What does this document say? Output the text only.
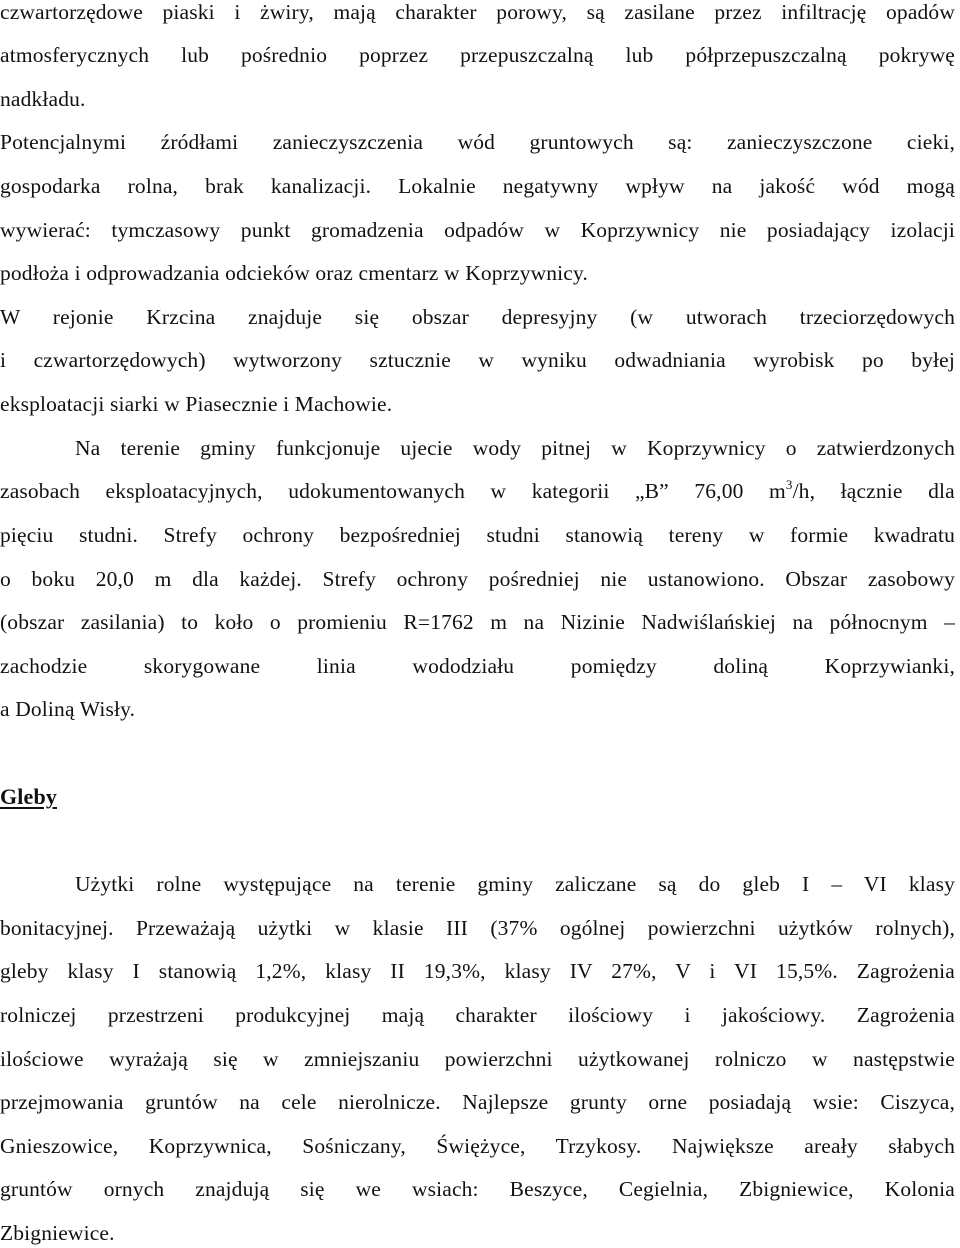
czwartorzędowe piaski i żwiry, mają charakter porowy, są zasilane przez infiltrację opadów
atmosferycznych lub pośrednio poprzez przepuszczalną lub półprzepuszczalną pokrywę
nadkładu.
Potencjalnymi źródłami zanieczyszczenia wód gruntowych są: zanieczyszczone cieki,
gospodarka rolna, brak kanalizacji. Lokalnie negatywny wpływ na jakość wód mogą
wywierać: tymczasowy punkt gromadzenia odpadów w Koprzywnicy nie posiadający izolacji
podłoża i odprowadzania odcieków oraz cmentarz w Koprzywnicy.
W rejonie Krzcina znajduje się obszar depresyjny (w utworach trzeciorzędowych
i czwartorzędowych) wytworzony sztucznie w wyniku odwadniania wyrobisk po byłej
eksploatacji siarki w Piasecznie i Machowie.
Na terenie gminy funkcjonuje ujecie wody pitnej w Koprzywnicy o zatwierdzonych
zasobach eksploatacyjnych, udokumentowanych w kategorii „B” 76,00 $m^3/h$, łącznie dla
pięciu studni. Strefy ochrony bezpośredniej studni stanowią tereny w formie kwadratu
o boku 20,0 m dla każdej. Strefy ochrony pośredniej nie ustanowiono. Obszar zasobowy
(obszar zasilania) to koło o promieniu R=1762 m na Nizinie Nadwiślańskiej na północnym –
zachodzie skorygowane linia wododziału pomiędzy doliną Koprzywianki,
a Doliną Wisły.
Gleby
Użytki rolne występujące na terenie gminy zaliczane są do gleb I – VI klasy
bonitacyjnej. Przeważają użytki w klasie III (37% ogólnej powierzchni użytków rolnych),
gleby klasy I stanowią 1,2%, klasy II 19,3%, klasy IV 27%, V i VI 15,5%. Zagrożenia
rolniczej przestrzeni produkcyjnej mają charakter ilościowy i jakościowy. Zagrożenia
ilościowe wyrażają się w zmniejszaniu powierzchni użytkowanej rolniczo w następstwie
przejmowania gruntów na cele nierolnicze. Najlepsze grunty orne posiadają wsie: Ciszyca,
Gnieszowice, Koprzywnica, Sośniczany, Świężyce, Trzykosy. Największe areały słabych
gruntów ornych znajdują się we wsiach: Beszyce, Cegielnia, Zbigniewice, Kolonia
Zbigniewice.
